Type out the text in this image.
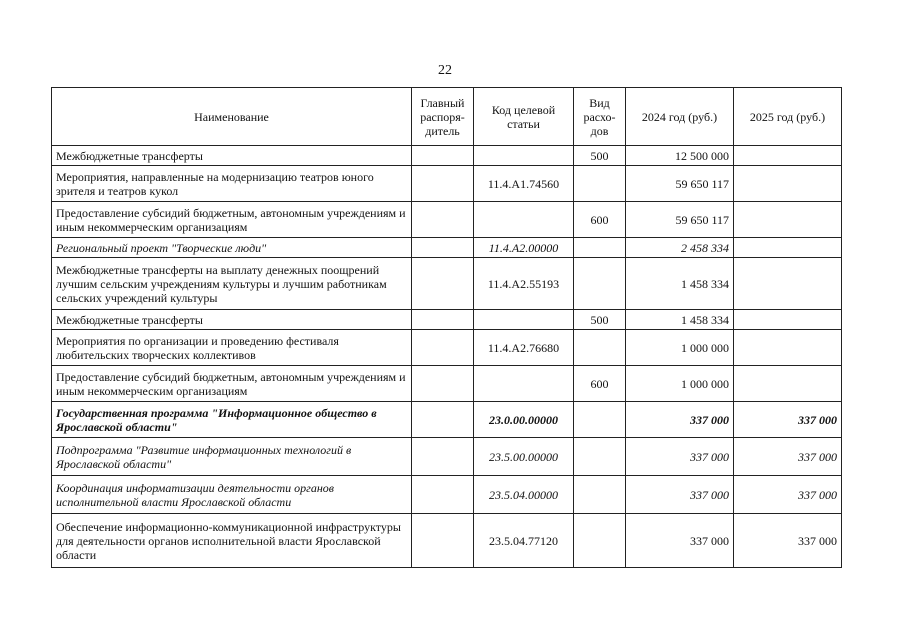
22
Наименование	Главный распоря-дитель	Код целевой статьи	Вид расхо-дов	2024 год (руб.)	2025 год (руб.)
Межбюджетные трансферты			500	12 500 000	
Мероприятия, направленные на модернизацию театров юного зрителя и театров кукол		11.4.А1.74560		59 650 117	
Предоставление субсидий бюджетным, автономным учреждениям и иным некоммерческим организациям			600	59 650 117	
Региональный проект "Творческие люди"		11.4.А2.00000		2 458 334	
Межбюджетные трансферты на выплату денежных поощрений лучшим сельским учреждениям культуры и лучшим работникам сельских учреждений культуры		11.4.А2.55193		1 458 334	
Межбюджетные трансферты			500	1 458 334	
Мероприятия по организации и проведению фестиваля любительских творческих коллективов		11.4.А2.76680		1 000 000	
Предоставление субсидий бюджетным, автономным учреждениям и иным некоммерческим организациям			600	1 000 000	
Государственная программа "Информационное общество в Ярославской области"		23.0.00.00000		337 000	337 000
Подпрограмма "Развитие информационных технологий в Ярославской области"		23.5.00.00000		337 000	337 000
Координация информатизации деятельности органов исполнительной власти Ярославской области		23.5.04.00000		337 000	337 000
Обеспечение информационно-коммуникационной инфраструктуры для деятельности органов исполнительной власти Ярославской области		23.5.04.77120		337 000	337 000
